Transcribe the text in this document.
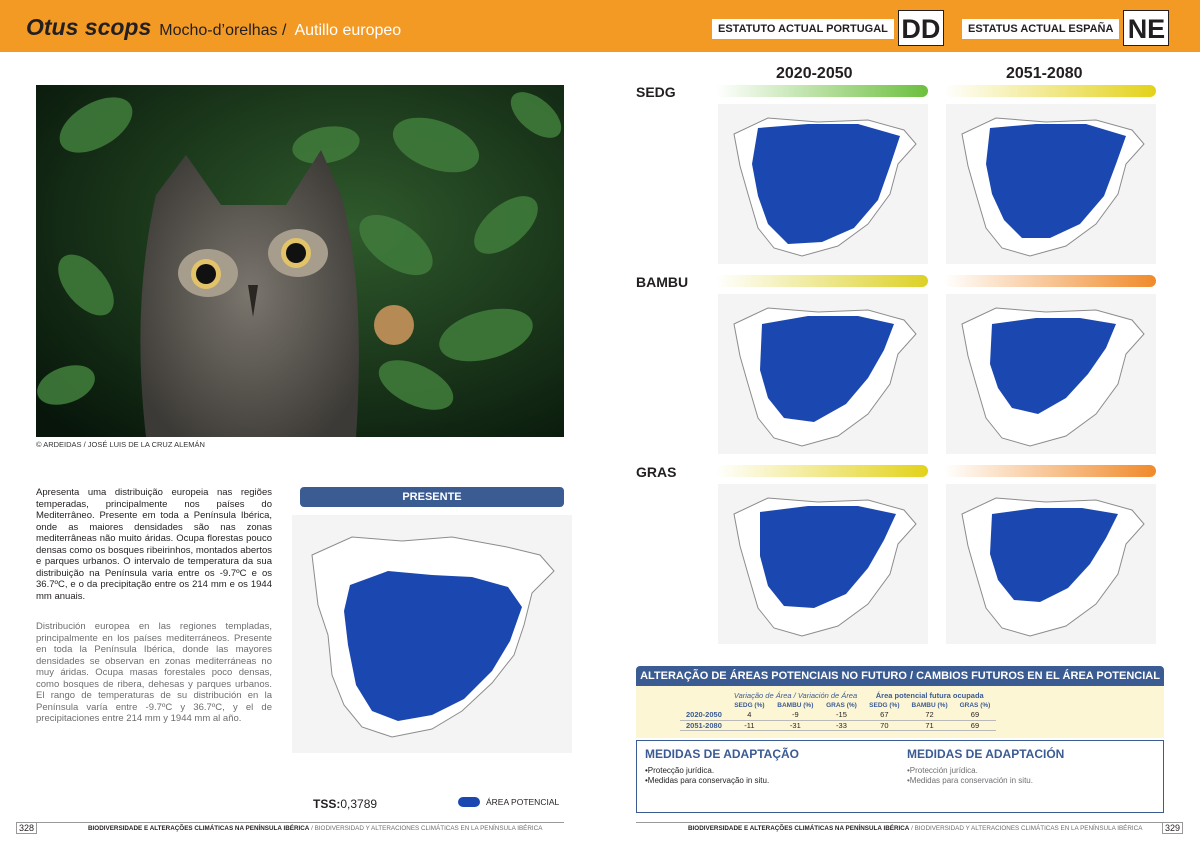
Otus scops Mocho-d’orelhas / Autillo europeo	ESTATUTO ACTUAL PORTUGAL DD	ESTATUS ACTUAL ESPAÑA NE
© ARDEIDAS / JOSÉ LUIS DE LA CRUZ ALEMÁN

Apresenta uma distribuição europeia nas regiões temperadas, principalmente nos países do Mediterrâneo. Presente em toda a Península Ibérica, onde as maiores densidades são nas zonas mediterrâneas não muito áridas. Ocupa florestas pouco densas como os bosques ribeirinhos, montados abertos e parques urbanos. O intervalo de temperatura da sua distribuição na Península varia entre os -9.7ºC e os 36.7ºC, e o da precipitação entre os 214 mm e os 1944 mm anuais.

Distribución europea en las regiones templadas, principalmente en los países mediterráneos. Presente en toda la Península Ibérica, donde las mayores densidades se observan en zonas mediterráneas no muy áridas. Ocupa masas forestales poco densas, como bosques de ribera, dehesas y parques urbanos. El rango de temperaturas de su distribución en la Península varía entre -9.7ºC y 36.7ºC, y el de precipitaciones entre 214 mm y 1944 mm al año.

PRESENTE
TSS:0,3789	ÁREA POTENCIAL
2020-2050	2051-2080
SEDG
BAMBU
GRAS
ALTERAÇÃO DE ÁREAS POTENCIAIS NO FUTURO / CAMBIOS FUTUROS EN EL ÁREA POTENCIAL
	Variação de Área / Variación de Área			Área potencial futura ocupada		
	SEDG (%)	BAMBU (%)	GRAS (%)	SEDG (%)	BAMBU (%)	GRAS (%)
2020-2050	4	-9	-15	67	72	69
2051-2080	-11	-31	-33	70	71	69
MEDIDAS DE ADAPTAÇÃO
•Protecção jurídica.
•Medidas para conservação in situ.
MEDIDAS DE ADAPTACIÓN
•Protección jurídica.
•Medidas para conservación in situ.
328	329
BIODIVERSIDADE E ALTERAÇÕES CLIMÁTICAS NA PENÍNSULA IBÉRICA / BIODIVERSIDAD Y ALTERACIONES CLIMÁTICAS EN LA PENÍNSULA IBÉRICA	BIODIVERSIDADE E ALTERAÇÕES CLIMÁTICAS NA PENÍNSULA IBÉRICA / BIODIVERSIDAD Y ALTERACIONES CLIMÁTICAS EN LA PENÍNSULA IBÉRICA
